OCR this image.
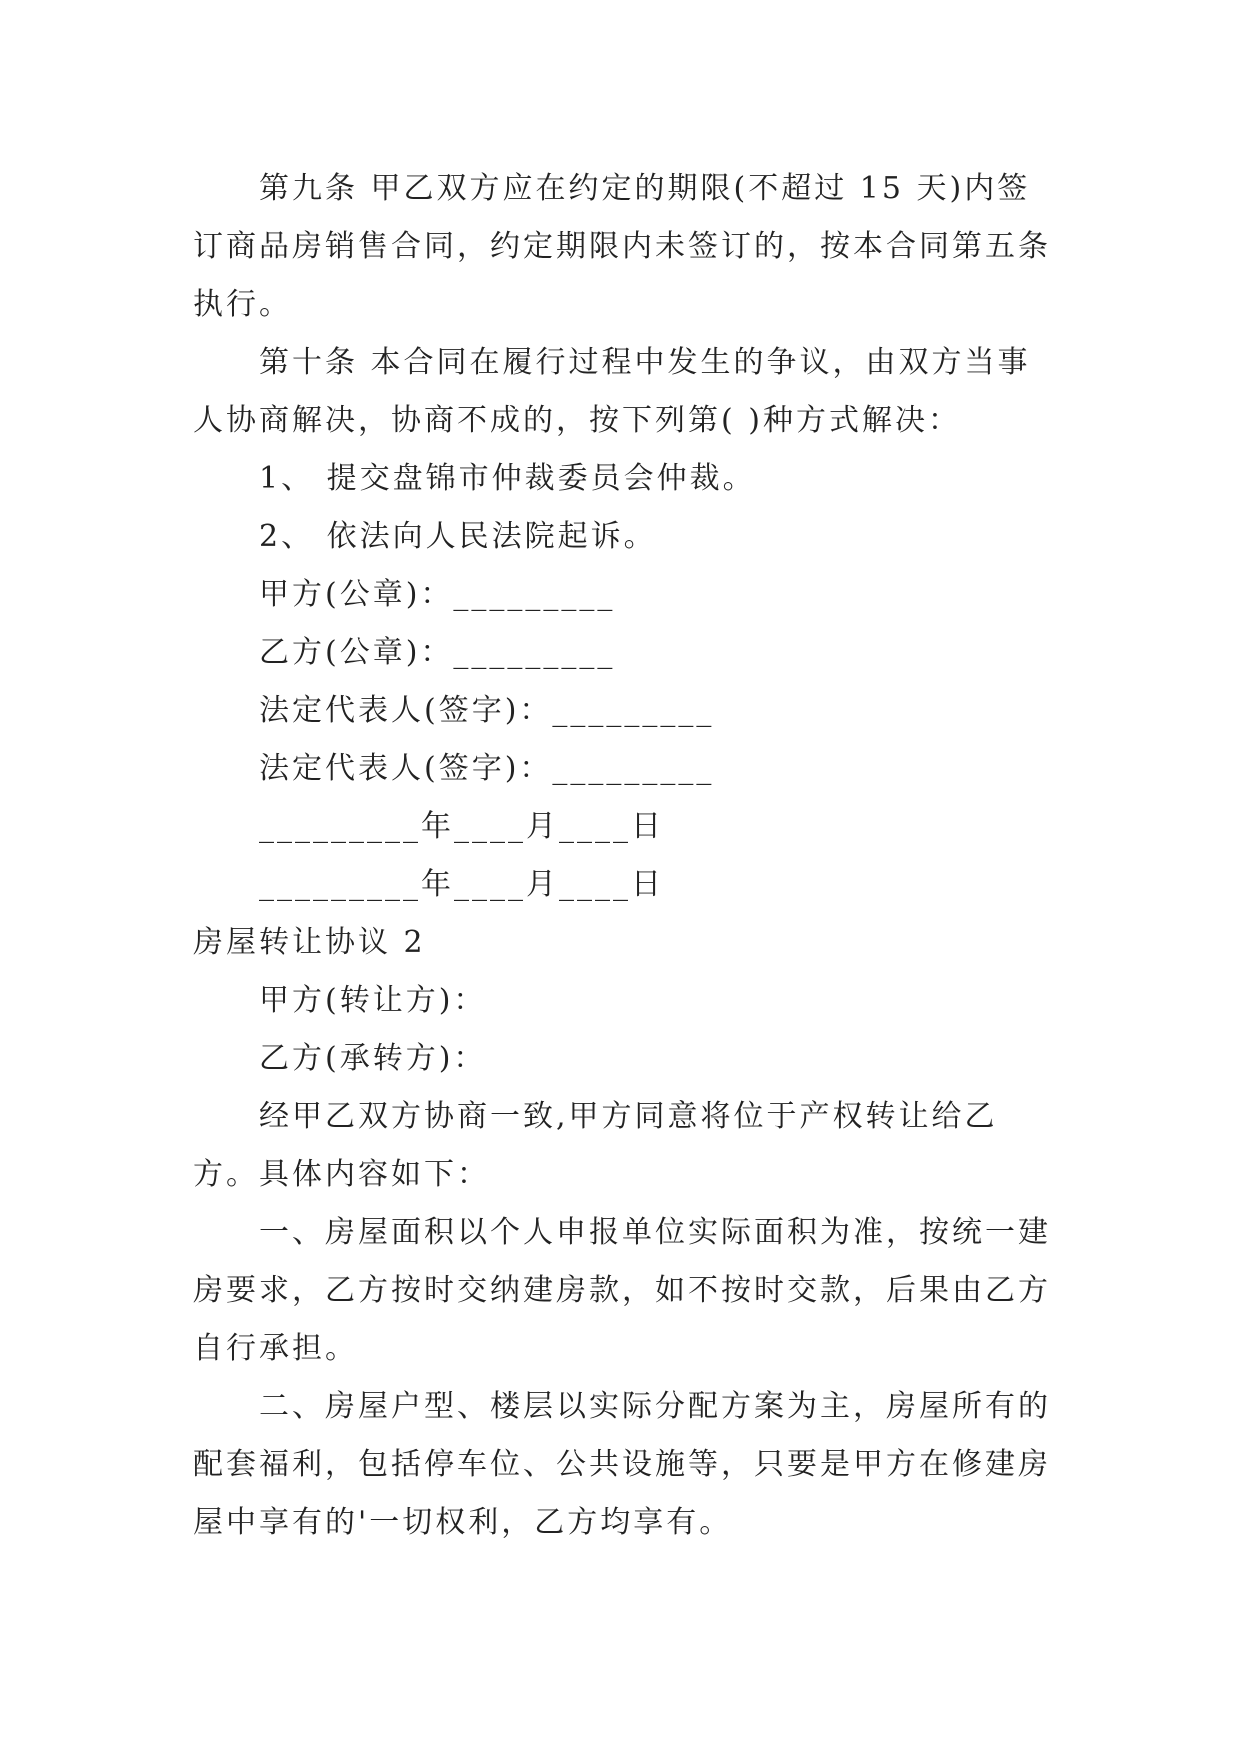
第九条 甲乙双方应在约定的期限(不超过 15 天)内签订商品房销售合同，约定期限内未签订的，按本合同第五条执行。

第十条 本合同在履行过程中发生的争议，由双方当事人协商解决，协商不成的，按下列第( )种方式解决：

1、 提交盘锦市仲裁委员会仲裁。

2、 依法向人民法院起诉。

甲方(公章)：_________

乙方(公章)：_________

法定代表人(签字)：_________

法定代表人(签字)：_________

_________年____月____日

_________年____月____日

房屋转让协议 2

甲方(转让方)：

乙方(承转方)：

经甲乙双方协商一致,甲方同意将位于产权转让给乙方。具体内容如下：

一、房屋面积以个人申报单位实际面积为准，按统一建房要求，乙方按时交纳建房款，如不按时交款，后果由乙方自行承担。

二、房屋户型、楼层以实际分配方案为主，房屋所有的配套福利，包括停车位、公共设施等，只要是甲方在修建房屋中享有的'一切权利，乙方均享有。
